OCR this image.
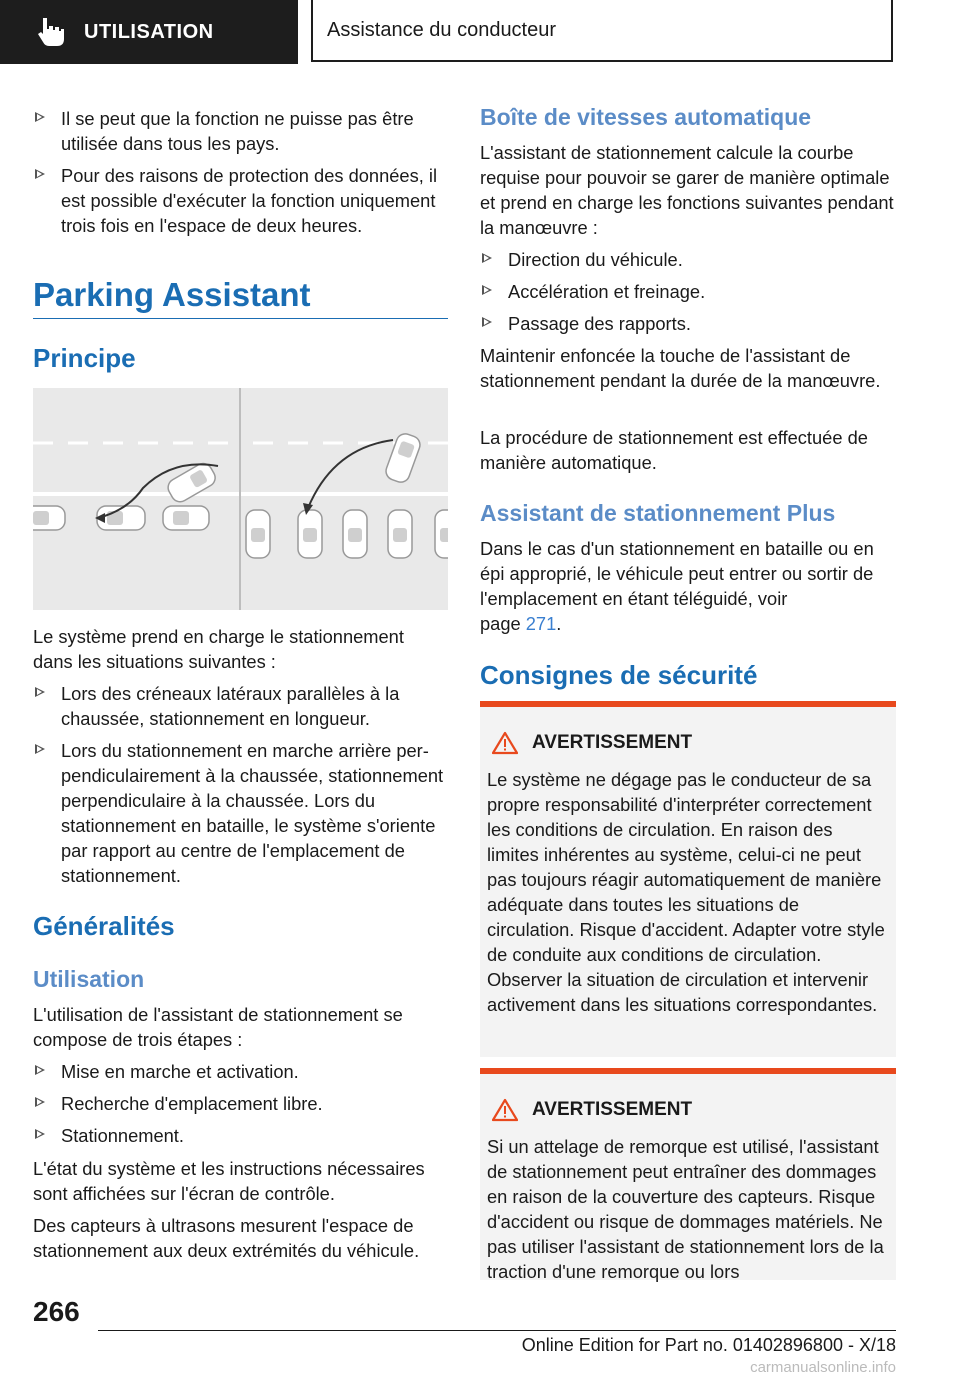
UTILISATION	Assistance du conducteur
Il se peut que la fonction ne puisse pas être utilisée dans tous les pays.
Pour des raisons de protection des données, il est possible d'exécuter la fonction uniquement trois fois en l'espace de deux heures.
Parking Assistant
Principe
Le système prend en charge le stationnement dans les situations suivantes :
Lors des créneaux latéraux parallèles à la chaussée, stationnement en longueur.
Lors du stationnement en marche arrière perpendiculairement à la chaussée, stationnement perpendiculaire à la chaussée. Lors du stationnement en bataille, le système s'oriente par rapport au centre de l'emplacement de stationnement.
Généralités
Utilisation
L'utilisation de l'assistant de stationnement se compose de trois étapes :
Mise en marche et activation.
Recherche d'emplacement libre.
Stationnement.
L'état du système et les instructions nécessaires sont affichées sur l'écran de contrôle.
Des capteurs à ultrasons mesurent l'espace de stationnement aux deux extrémités du véhicule.
Boîte de vitesses automatique
L'assistant de stationnement calcule la courbe requise pour pouvoir se garer de manière optimale et prend en charge les fonctions suivantes pendant la manœuvre :
Direction du véhicule.
Accélération et freinage.
Passage des rapports.
Maintenir enfoncée la touche de l'assistant de stationnement pendant la durée de la manœuvre.
La procédure de stationnement est effectuée de manière automatique.
Assistant de stationnement Plus
Dans le cas d'un stationnement en bataille ou en épi approprié, le véhicule peut entrer ou sortir de l'emplacement en étant téléguidé, voir
page 271.
Consignes de sécurité
AVERTISSEMENT
Le système ne dégage pas le conducteur de sa propre responsabilité d'interpréter correctement les conditions de circulation. En raison des limites inhérentes au système, celui-ci ne peut pas toujours réagir automatiquement de manière adéquate dans toutes les situations de circulation. Risque d'accident. Adapter votre style de conduite aux conditions de circulation. Observer la situation de circulation et intervenir activement dans les situations correspondantes.
AVERTISSEMENT
Si un attelage de remorque est utilisé, l'assistant de stationnement peut entraîner des dommages en raison de la couverture des capteurs. Risque d'accident ou risque de dommages matériels. Ne pas utiliser l'assistant de stationnement lors de la traction d'une remorque ou lors
266
Online Edition for Part no. 01402896800 - X/18 carmanualsonline.info
